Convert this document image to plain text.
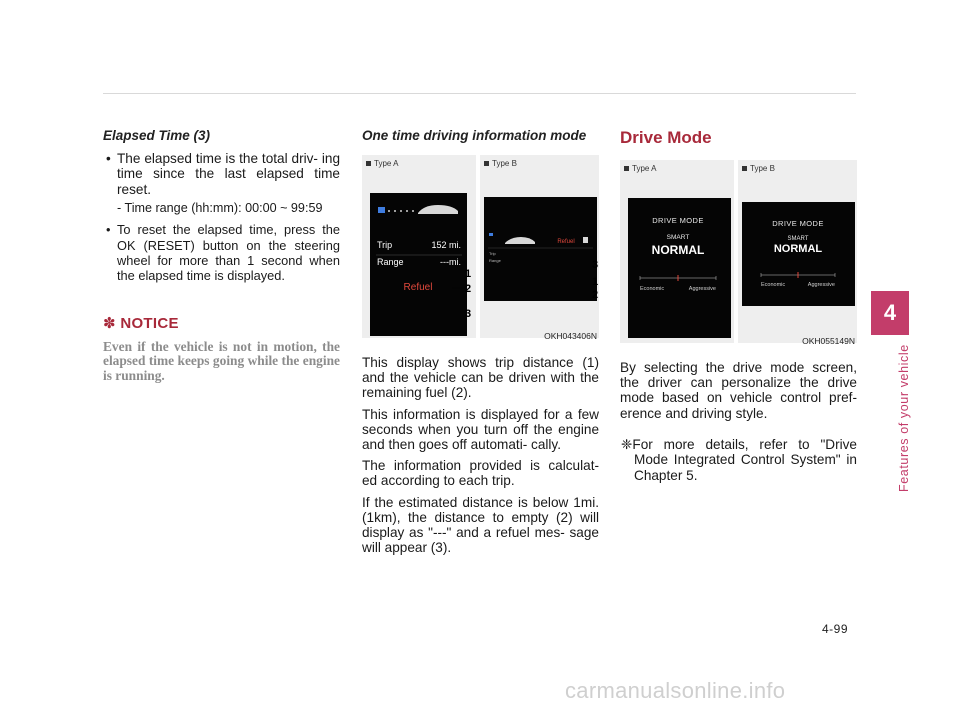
Elapsed Time (3)

• The elapsed time is the total driv- ing time since the last elapsed time reset.

- Time range (hh:mm): 00:00 ~ 99:59

• To reset the elapsed time, press the OK (RESET) button on the steering wheel for more than 1 second when the elapsed time is displayed.

✽ NOTICE

Even if the vehicle is not in motion, the elapsed time keeps going while the engine is running.

One time driving information mode

Type A	Type B
Trip	152 mi.
Range	---mi.
Refuel
Refuel
Trip
Range
1
2
3
3
1
2
OKH043406N

This display shows trip distance (1) and the vehicle can be driven with the remaining fuel (2).

This information is displayed for a few seconds when you turn off the engine and then goes off automati- cally.

The information provided is calculat- ed according to each trip.

If the estimated distance is below 1mi. (1km), the distance to empty (2) will display as "---" and a refuel mes- sage will appear (3).

Drive Mode

Type A	Type B
DRIVE MODE
SMART
NORMAL
Economic	Aggressive
DRIVE MODE
SMART
NORMAL
Economic	Aggressive
OKH055149N

By selecting the drive mode screen, the driver can personalize the drive mode based on vehicle control pref- erence and driving style.

❈For more details, refer to "Drive Mode Integrated Control System" in Chapter 5.

4
Features of your vehicle
4-99
carmanualsonline.info
